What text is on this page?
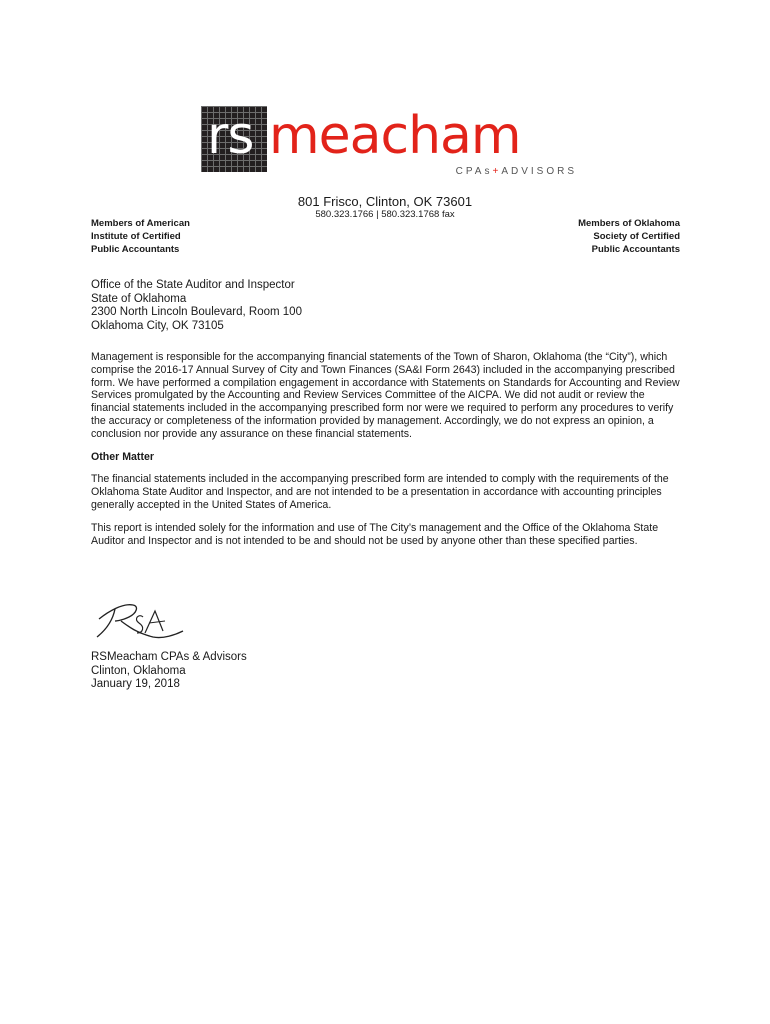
rs meacham
CPAs+ADVISORS
801 Frisco, Clinton, OK 73601
580.323.1766 | 580.323.1768 fax
Members of American
Institute of Certified
Public Accountants
Members of Oklahoma
Society of Certified
Public Accountants
Office of the State Auditor and Inspector
State of Oklahoma
2300 North Lincoln Boulevard, Room 100
Oklahoma City, OK 73105

Management is responsible for the accompanying financial statements of the Town of Sharon, Oklahoma (the “City”), which comprise the 2016-17 Annual Survey of City and Town Finances (SA&I Form 2643) included in the accompanying prescribed form. We have performed a compilation engagement in accordance with Statements on Standards for Accounting and Review Services promulgated by the Accounting and Review Services Committee of the AICPA. We did not audit or review the financial statements included in the accompanying prescribed form nor were we required to perform any procedures to verify the accuracy or completeness of the information provided by management. Accordingly, we do not express an opinion, a conclusion nor provide any assurance on these financial statements.

Other Matter

The financial statements included in the accompanying prescribed form are intended to comply with the requirements of the Oklahoma State Auditor and Inspector, and are not intended to be a presentation in accordance with accounting principles generally accepted in the United States of America.

This report is intended solely for the information and use of The City’s management and the Office of the Oklahoma State Auditor and Inspector and is not intended to be and should not be used by anyone other than these specified parties.

RSMeacham CPAs & Advisors
Clinton, Oklahoma
January 19, 2018
